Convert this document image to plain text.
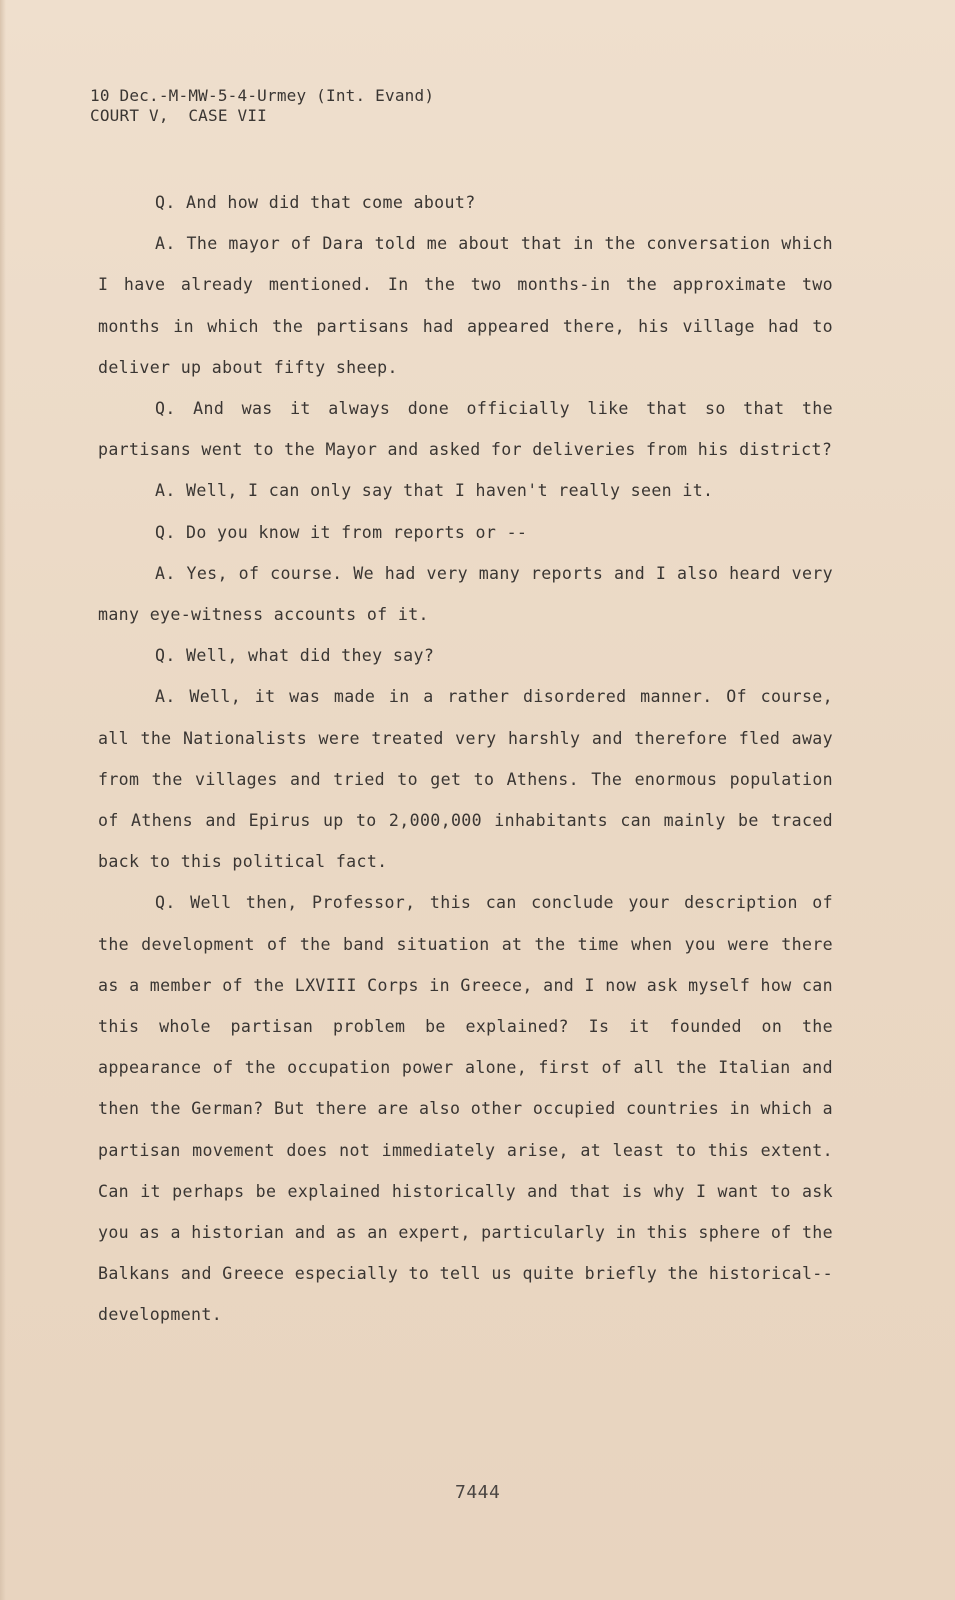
10 Dec.-M-MW-5-4-Urmey (Int. Evand)
COURT V,  CASE VII

Q. And how did that come about?

A. The mayor of Dara told me about that in the conversation which I have already mentioned. In the two months-in the approximate two months in which the partisans had appeared there, his village had to deliver up about fifty sheep.

Q. And was it always done officially like that so that the partisans went to the Mayor and asked for deliveries from his district?

A. Well, I can only say that I haven't really seen it.

Q. Do you know it from reports or --

A. Yes, of course. We had very many reports and I also heard very many eye-witness accounts of it.

Q. Well, what did they say?

A. Well, it was made in a rather disordered manner. Of course, all the Nationalists were treated very harshly and therefore fled away from the villages and tried to get to Athens. The enormous population of Athens and Epirus up to 2,000,000 inhabitants can mainly be traced back to this political fact.

Q. Well then, Professor, this can conclude your description of the development of the band situation at the time when you were there as a member of the LXVIII Corps in Greece, and I now ask myself how can this whole partisan problem be explained? Is it founded on the appearance of the occupation power alone, first of all the Italian and then the German? But there are also other occupied countries in which a partisan movement does not immediately arise, at least to this extent. Can it perhaps be explained historically and that is why I want to ask you as a historian and as an expert, particularly in this sphere of the Balkans and Greece especially to tell us quite briefly the historical--development.

7444
